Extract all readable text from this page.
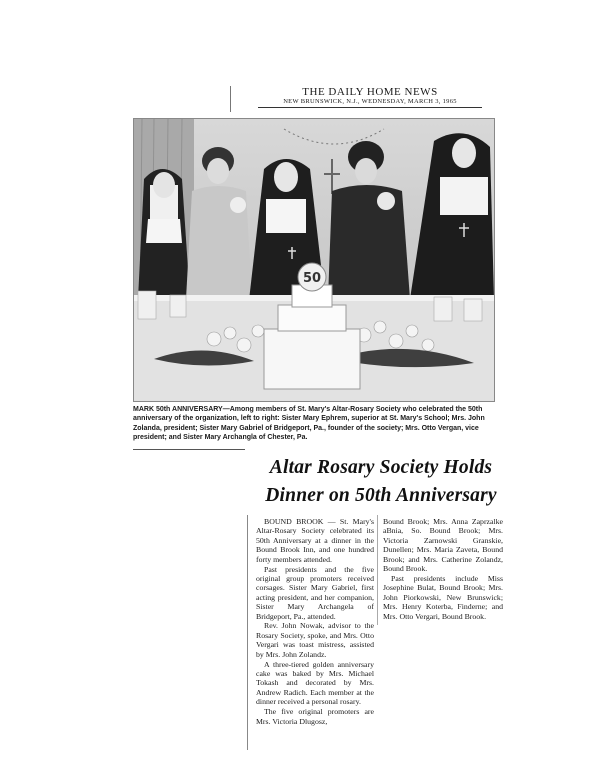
THE DAILY HOME NEWS
NEW BRUNSWICK, N.J., WEDNESDAY, MARCH 3, 1965
50
MARK 50th ANNIVERSARY—Among members of St. Mary's Altar-Rosary Society who celebrated the 50th anniversary of the organization, left to right: Sister Mary Ephrem, superior at St. Mary's School; Mrs. John Zolanda, president; Sister Mary Gabriel of Bridgeport, Pa., founder of the society; Mrs. Otto Vergan, vice president; and Sister Mary Archangla of Chester, Pa.
Altar Rosary Society Holds
Dinner on 50th Anniversary

BOUND BROOK — St. Mary's Altar-Rosary Society celebrated its 50th Anniversary at a dinner in the Bound Brook Inn, and one hundred forty members attended.

Past presidents and the five original group promoters received corsages. Sister Mary Gabriel, first acting president, and her companion, Sister Mary Archangela of Bridgeport, Pa., attended.

Rev. John Nowak, advisor to the Rosary Society, spoke, and Mrs. Otto Vergari was toast mistress, assisted by Mrs. John Zolandz.

A three-tiered golden anniversary cake was baked by Mrs. Michael Tokash and decorated by Mrs. Andrew Radich. Each member at the dinner received a personal rosary.

The five original promoters are Mrs. Victoria Dlugosz,

Bound Brook; Mrs. Anna Zaprzalke aBnia, So. Bound Brook; Mrs. Victoria Zarnowski Granskie, Dunellen; Mrs. Maria Zaveta, Bound Brook; and Mrs. Catherine Zolandz, Bound Brook.

Past presidents include Miss Josephine Bulat, Bound Brook; Mrs. John Piorkowski, New Brunswick; Mrs. Henry Koterba, Finderne; and Mrs. Otto Vergari, Bound Brook.
